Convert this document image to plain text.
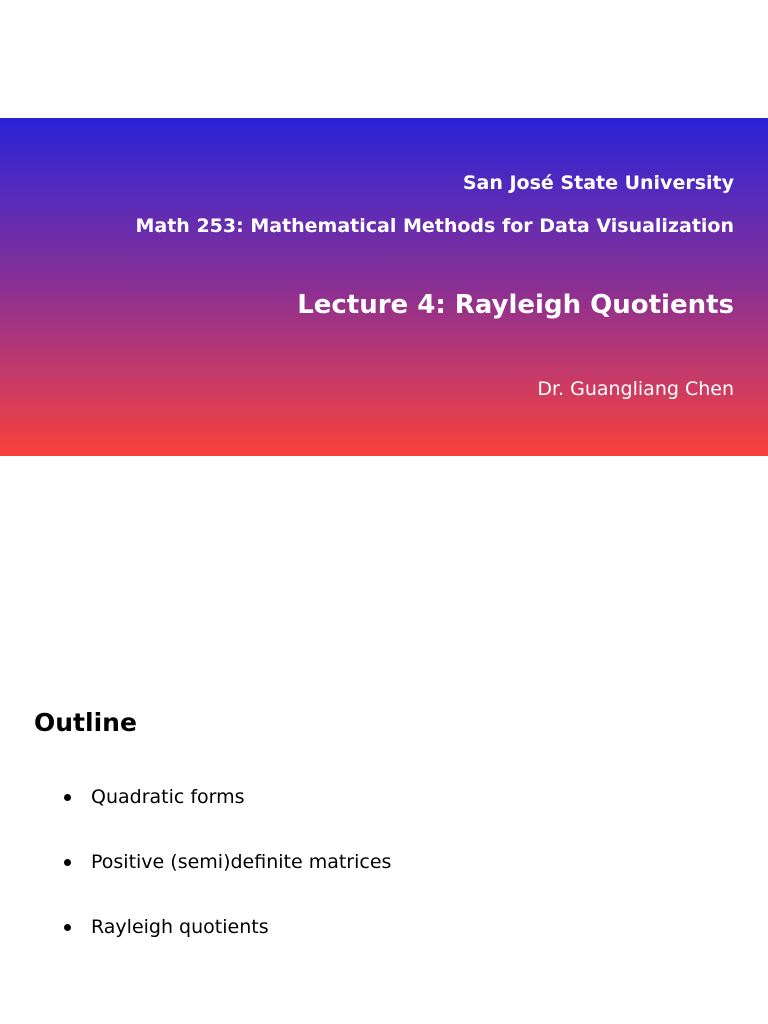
San José State University
Math 253: Mathematical Methods for Data Visualization
Lecture 4: Rayleigh Quotients
Dr. Guangliang Chen
Outline
Quadratic forms
Positive (semi)definite matrices
Rayleigh quotients
